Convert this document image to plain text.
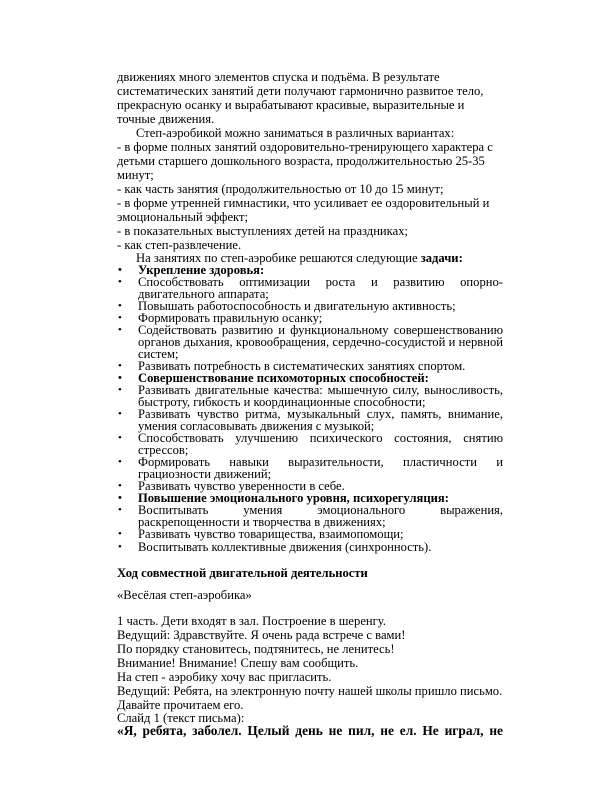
движениях много элементов спуска и подъёма. В результате систематических занятий дети получают гармонично развитое тело, прекрасную осанку и вырабатывают красивые, выразительные и точные движения.

Степ-аэробикой можно заниматься в различных вариантах:

- в форме полных занятий оздоровительно-тренирующего характера с детьми старшего дошкольного возраста, продолжительностью 25-35 минут;

- как часть занятия (продолжительностью от 10 до 15 минут;

- в форме утренней гимнастики, что усиливает ее оздоровительный и эмоциональный эффект;

- в показательных выступлениях детей на праздниках;

- как степ-развлечение.

На занятиях по степ-аэробике решаются следующие задачи:

• Укрепление здоровья:
• Способствовать оптимизации роста и развитию опорно-двигательного аппарата;
• Повышать работоспособность и двигательную активность;
• Формировать правильную осанку;
• Содействовать развитию и функциональному совершенствованию органов дыхания, кровообращения, сердечно-сосудистой и нервной систем;
• Развивать потребность в систематических занятиях спортом.
• Совершенствование психомоторных способностей:
• Развивать двигательные качества: мышечную силу, выносливость, быстроту, гибкость и координационные способности;
• Развивать чувство ритма, музыкальный слух, память, внимание, умения согласовывать движения с музыкой;
• Способствовать улучшению психического состояния, снятию стрессов;
• Формировать навыки выразительности, пластичности и грациозности движений;
• Развивать чувство уверенности в себе.
• Повышение эмоционального уровня, психорегуляция:
• Воспитывать умения эмоционального выражения, раскрепощенности и творчества в движениях;
• Развивать чувство товарищества, взаимопомощи;
• Воспитывать коллективные движения (синхронность).

Ход совместной двигательной деятельности

«Весёлая степ-аэробика»

1 часть. Дети входят в зал. Построение в шеренгу.

Ведущий: Здравствуйте. Я очень рада встрече с вами!

По порядку становитесь, подтянитесь, не ленитесь!

Внимание! Внимание! Спешу вам сообщить.

На степ - аэробику хочу вас пригласить.

Ведущий: Ребята, на электронную почту нашей школы пришло письмо. Давайте прочитаем его.

Слайд 1 (текст письма):

«Я, ребята, заболел. Целый день не пил, не ел. Не играл, не
